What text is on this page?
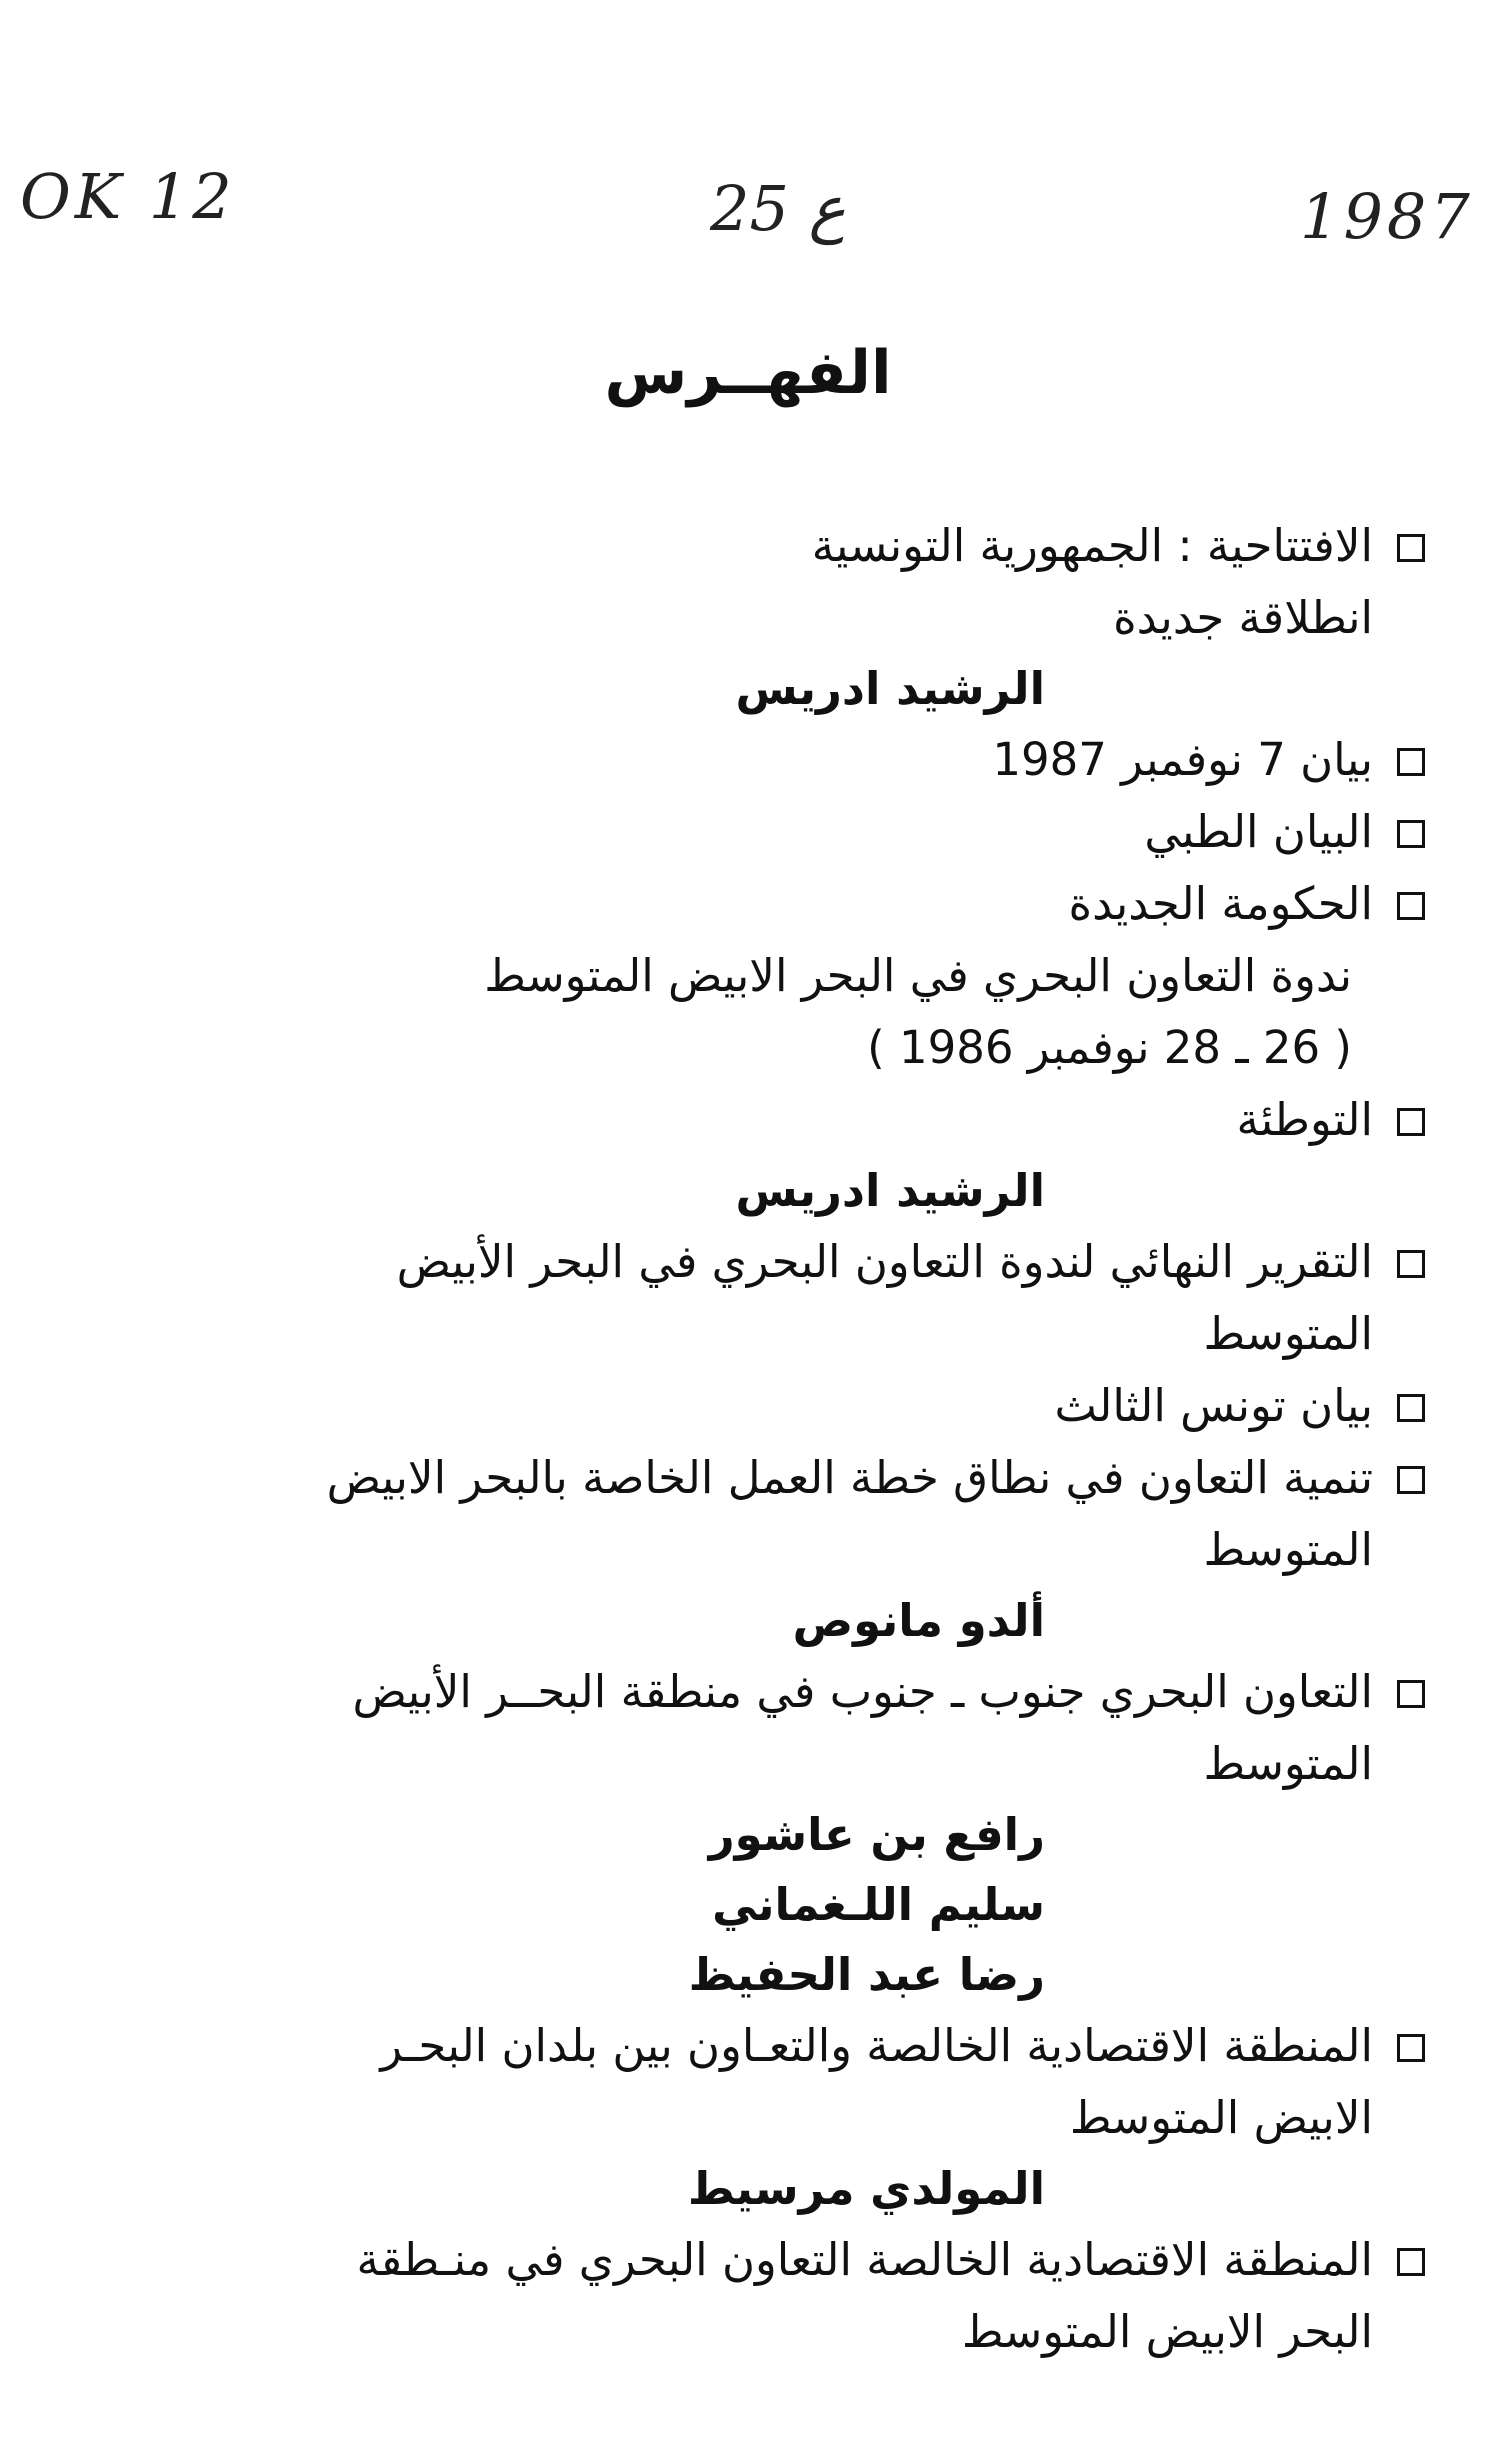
OK 12	25 ع	1987
الفهــرس
الافتتاحية : الجمهورية التونسية
انطلاقة جديدة
الرشيد ادريس
بيان 7 نوفمبر 1987
البيان الطبي
الحكومة الجديدة
ندوة التعاون البحري في البحر الابيض المتوسط
( 26 ـ 28 نوفمبر 1986 )
التوطئة
الرشيد ادريس
التقرير النهائي لندوة التعاون البحري في البحر الأبيض
المتوسط
بيان تونس الثالث
تنمية التعاون في نطاق خطة العمل الخاصة بالبحر الابيض
المتوسط
ألدو مانوص
التعاون البحري جنوب ـ جنوب في منطقة البحــر الأبيض
المتوسط
رافع بن عاشور
سليم اللـغماني
رضا عبد الحفيظ
المنطقة الاقتصادية الخالصة والتعـاون بين بلدان البحـر
الابيض المتوسط
المولدي مرسيط
المنطقة الاقتصادية الخالصة التعاون البحري في منـطقة
البحر الابيض المتوسط
